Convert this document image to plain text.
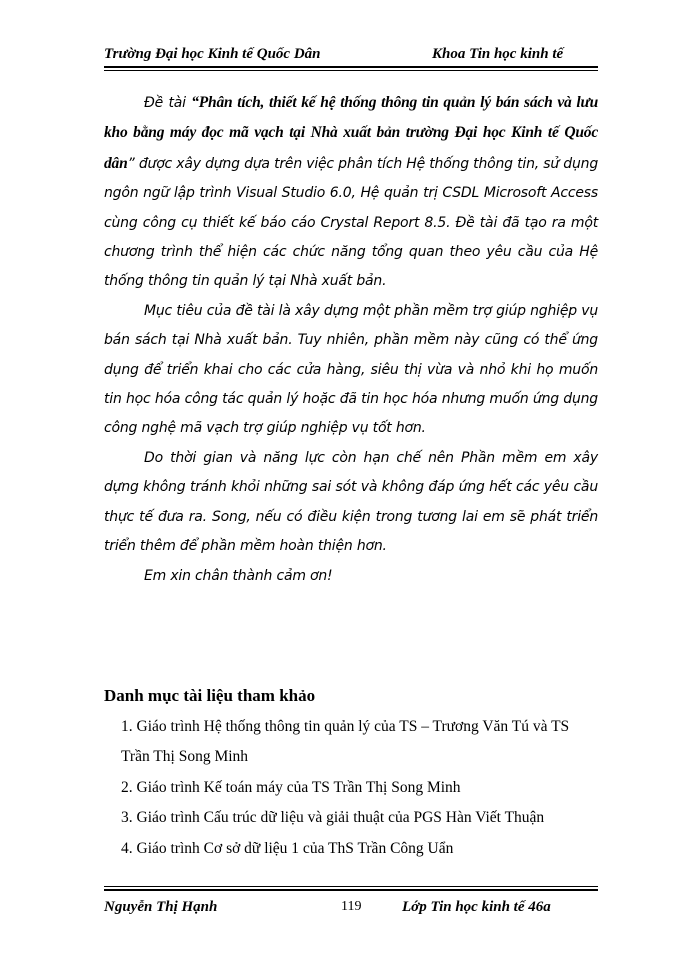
Trường Đại học Kinh tế Quốc Dân	Khoa Tin học kinh tế

Đề tài “Phân tích, thiết kế hệ thống thông tin quản lý bán sách và lưu kho bằng máy đọc mã vạch tại Nhà xuất bản trường Đại học Kinh tế Quốc dân” được xây dựng dựa trên việc phân tích Hệ thống thông tin, sử dụng ngôn ngữ lập trình Visual Studio 6.0, Hệ quản trị CSDL Microsoft Access cùng công cụ thiết kế báo cáo Crystal Report 8.5. Đề tài đã tạo ra một chương trình thể hiện các chức năng tổng quan theo yêu cầu của Hệ thống thông tin quản lý tại Nhà xuất bản.

Mục tiêu của đề tài là xây dựng một phần mềm trợ giúp nghiệp vụ bán sách tại Nhà xuất bản. Tuy nhiên, phần mềm này cũng có thể ứng dụng để triển khai cho các cửa hàng, siêu thị vừa và nhỏ khi họ muốn tin học hóa công tác quản lý hoặc đã tin học hóa nhưng muốn ứng dụng công nghệ mã vạch trợ giúp nghiệp vụ tốt hơn.

Do thời gian và năng lực còn hạn chế nên Phần mềm em xây dựng không tránh khỏi những sai sót và không đáp ứng hết các yêu cầu thực tế đưa ra. Song, nếu có điều kiện trong tương lai em sẽ phát triển triển thêm để phần mềm hoàn thiện hơn.

Em xin chân thành cảm ơn!

Danh mục tài liệu tham khảo
1. Giáo trình Hệ thống thông tin quản lý của TS – Trương Văn Tú và TS Trần Thị Song Minh
2. Giáo trình Kế toán máy của TS Trần Thị Song Minh
3. Giáo trình Cấu trúc dữ liệu và giải thuật của PGS Hàn Viết Thuận
4. Giáo trình Cơ sở dữ liệu 1 của ThS Trần Công Uẩn
Nguyễn Thị Hạnh	119	Lớp Tin học kinh tế 46a
